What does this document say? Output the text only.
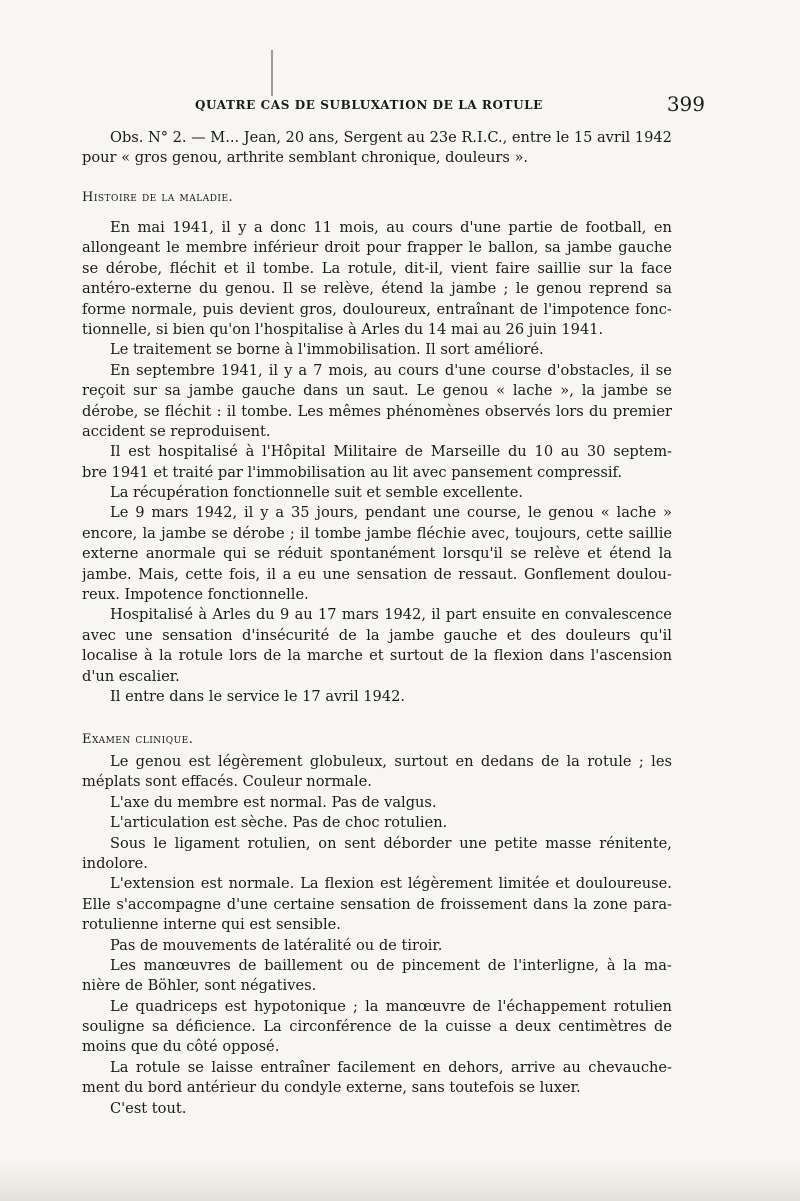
QUATRE CAS DE SUBLUXATION DE LA ROTULE	399
Obs. N° 2. — M... Jean, 20 ans, Sergent au 23e R.I.C., entre le 15 avril 1942
pour « gros genou, arthrite semblant chronique, douleurs ».
Histoire de la maladie.
En mai 1941, il y a donc 11 mois, au cours d'une partie de football, en
allongeant le membre inférieur droit pour frapper le ballon, sa jambe gauche
se dérobe, fléchit et il tombe. La rotule, dit-il, vient faire saillie sur la face
antéro-externe du genou. Il se relève, étend la jambe ; le genou reprend sa
forme normale, puis devient gros, douloureux, entraînant de l'impotence fonc-
tionnelle, si bien qu'on l'hospitalise à Arles du 14 mai au 26 juin 1941.
Le traitement se borne à l'immobilisation. Il sort amélioré.
En septembre 1941, il y a 7 mois, au cours d'une course d'obstacles, il se
reçoit sur sa jambe gauche dans un saut. Le genou « lache », la jambe se
dérobe, se fléchit : il tombe. Les mêmes phénomènes observés lors du premier
accident se reproduisent.
Il est hospitalisé à l'Hôpital Militaire de Marseille du 10 au 30 septem-
bre 1941 et traité par l'immobilisation au lit avec pansement compressif.
La récupération fonctionnelle suit et semble excellente.
Le 9 mars 1942, il y a 35 jours, pendant une course, le genou « lache »
encore, la jambe se dérobe ; il tombe jambe fléchie avec, toujours, cette saillie
externe anormale qui se réduit spontanément lorsqu'il se relève et étend la
jambe. Mais, cette fois, il a eu une sensation de ressaut. Gonflement doulou-
reux. Impotence fonctionnelle.
Hospitalisé à Arles du 9 au 17 mars 1942, il part ensuite en convalescence
avec une sensation d'insécurité de la jambe gauche et des douleurs qu'il
localise à la rotule lors de la marche et surtout de la flexion dans l'ascension
d'un escalier.
Il entre dans le service le 17 avril 1942.
Examen clinique.
Le genou est légèrement globuleux, surtout en dedans de la rotule ; les
méplats sont effacés. Couleur normale.
L'axe du membre est normal. Pas de valgus.
L'articulation est sèche. Pas de choc rotulien.
Sous le ligament rotulien, on sent déborder une petite masse rénitente,
indolore.
L'extension est normale. La flexion est légèrement limitée et douloureuse.
Elle s'accompagne d'une certaine sensation de froissement dans la zone para-
rotulienne interne qui est sensible.
Pas de mouvements de latéralité ou de tiroir.
Les manœuvres de baillement ou de pincement de l'interligne, à la ma-
nière de Böhler, sont négatives.
Le quadriceps est hypotonique ; la manœuvre de l'échappement rotulien
souligne sa déficience. La circonférence de la cuisse a deux centimètres de
moins que du côté opposé.
La rotule se laisse entraîner facilement en dehors, arrive au chevauche-
ment du bord antérieur du condyle externe, sans toutefois se luxer.
C'est tout.
